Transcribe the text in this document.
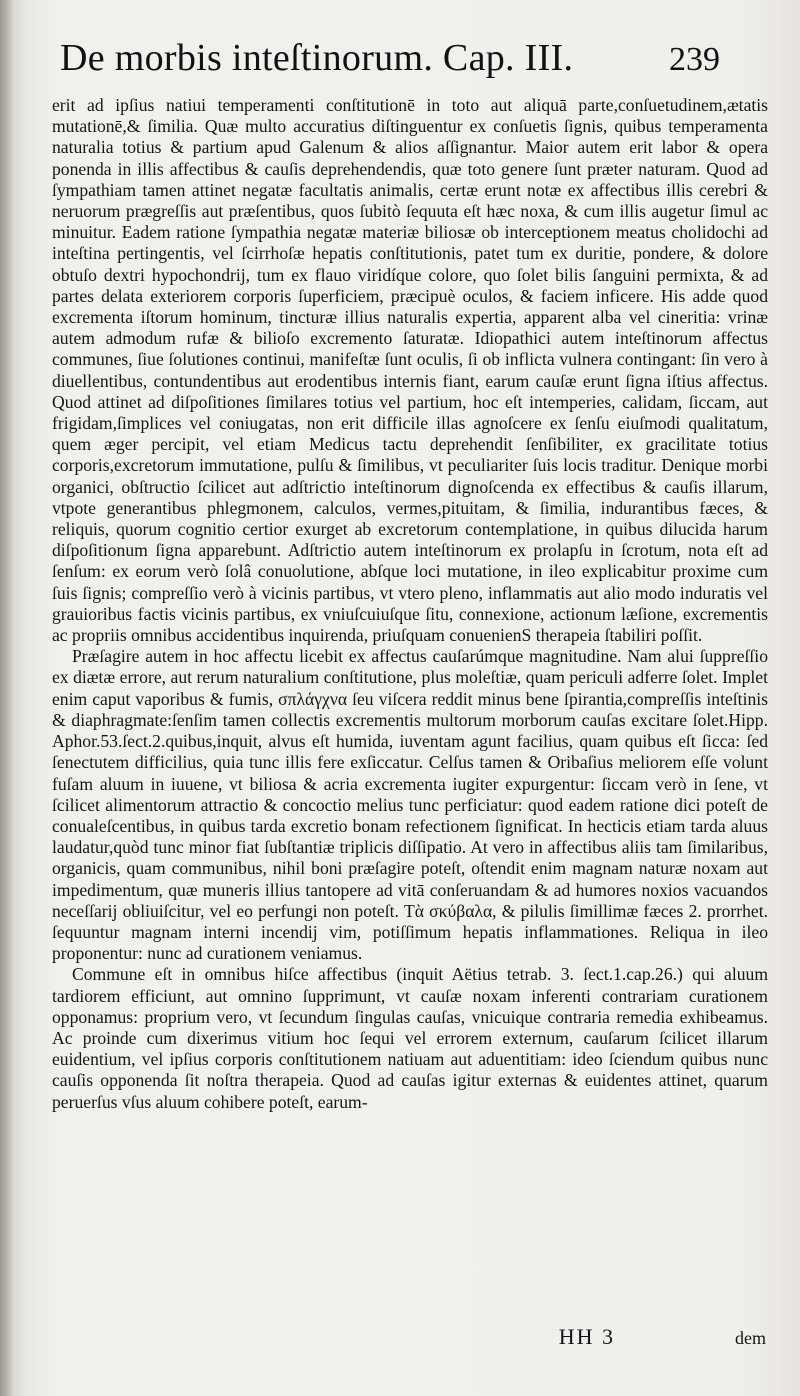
De morbis inteſtinorum. Cap. III.	239

erit ad ipſius natiui temperamenti conſtitutionē in toto aut aliquā parte,conſuetudinem,ætatis mutationē,& ſimilia. Quæ multo accuratius diſtinguentur ex conſuetis ſignis, quibus temperamenta naturalia totius & partium apud Galenum & alios aſſignantur. Maior autem erit labor & opera ponenda in illis affectibus & cauſis deprehendendis, quæ toto genere ſunt præter naturam. Quod ad ſympathiam tamen attinet negatæ facultatis animalis, certæ erunt notæ ex affectibus illis cerebri & neruorum prægreſſis aut præſentibus, quos ſubitò ſequuta eſt hæc noxa, & cum illis augetur ſimul ac minuitur. Eadem ratione ſympathia negatæ materiæ biliosæ ob interceptionem meatus cholidochi ad inteſtina pertingentis, vel ſcirrhoſæ hepatis conſtitutionis, patet tum ex duritie, pondere, & dolore obtuſo dextri hypochondrij, tum ex flauo viridíque colore, quo ſolet bilis ſanguini permixta, & ad partes delata exteriorem corporis ſuperficiem, præcipuè oculos, & faciem inficere. His adde quod excrementa iſtorum hominum, tincturæ illius naturalis expertia, apparent alba vel cineritia: vrinæ autem admodum rufæ & bilioſo excremento ſaturatæ. Idiopathici autem inteſtinorum affectus communes, ſiue ſolutiones continui, manifeſtæ ſunt oculis, ſi ob inflicta vulnera contingant: ſin vero à diuellentibus, contundentibus aut erodentibus internis fiant, earum cauſæ erunt ſigna iſtius affectus. Quod attinet ad diſpoſitiones ſimilares totius vel partium, hoc eſt intemperies, calidam, ſiccam, aut frigidam,ſimplices vel coniugatas, non erit difficile illas agnoſcere ex ſenſu eiuſmodi qualitatum, quem æger percipit, vel etiam Medicus tactu deprehendit ſenſibiliter, ex gracilitate totius corporis,excretorum immutatione, pulſu & ſimilibus, vt peculiariter ſuis locis traditur. Denique morbi organici, obſtructio ſcilicet aut adſtrictio inteſtinorum dignoſcenda ex effectibus & cauſis illarum, vtpote generantibus phlegmonem, calculos, vermes,pituitam, & ſimilia, indurantibus fæces, & reliquis, quorum cognitio certior exurget ab excretorum contemplatione, in quibus dilucida harum diſpoſitionum ſigna apparebunt. Adſtrictio autem inteſtinorum ex prolapſu in ſcrotum, nota eſt ad ſenſum: ex eorum verò ſolâ conuolutione, abſque loci mutatione, in ileo explicabitur proxime cum ſuis ſignis; compreſſio verò à vicinis partibus, vt vtero pleno, inflammatis aut alio modo induratis vel grauioribus factis vicinis partibus, ex vniuſcuiuſque ſitu, connexione, actionum læſione, excrementis ac propriis omnibus accidentibus inquirenda, priuſquam conuenienS therapeia ſtabiliri poſſit.

Præſagire autem in hoc affectu licebit ex affectus cauſarúmque magnitudine. Nam alui ſuppreſſio ex diætæ errore, aut rerum naturalium conſtitutione, plus moleſtiæ, quam periculi adferre ſolet. Implet enim caput vaporibus & fumis, σπλάγχνα ſeu viſcera reddit minus bene ſpirantia,compreſſis inteſtinis & diaphragmate:ſenſim tamen collectis excrementis multorum morborum cauſas excitare ſolet.Hipp. Aphor.53.ſect.2.quibus,inquit, alvus eſt humida, iuventam agunt facilius, quam quibus eſt ſicca: ſed ſenectutem difficilius, quia tunc illis fere exſiccatur. Celſus tamen & Oribaſius meliorem eſſe volunt fuſam aluum in iuuene, vt biliosa & acria excrementa iugiter expurgentur: ſiccam verò in ſene, vt ſcilicet alimentorum attractio & concoctio melius tunc perficiatur: quod eadem ratione dici poteſt de conualeſcentibus, in quibus tarda excretio bonam refectionem ſignificat. In hecticis etiam tarda aluus laudatur,quòd tunc minor fiat ſubſtantiæ triplicis diſſipatio. At vero in affectibus aliis tam ſimilaribus, organicis, quam communibus, nihil boni præſagire poteſt, oſtendit enim magnam naturæ noxam aut impedimentum, quæ muneris illius tantopere ad vitā conſeruandam & ad humores noxios vacuandos neceſſarij obliuiſcitur, vel eo perfungi non poteſt. Τὰ σκύβαλα, & pilulis ſimillimæ fæces 2. prorrhet. ſequuntur magnam interni incendij vim, potiſſimum hepatis inflammationes. Reliqua in ileo proponentur: nunc ad curationem veniamus.

Commune eſt in omnibus hiſce affectibus (inquit Aëtius tetrab. 3. ſect.1.cap.26.) qui aluum tardiorem efficiunt, aut omnino ſupprimunt, vt cauſæ noxam inferenti contrariam curationem opponamus: proprium vero, vt ſecundum ſingulas cauſas, vnicuique contraria remedia exhibeamus. Ac proinde cum dixerimus vitium hoc ſequi vel errorem externum, cauſarum ſcilicet illarum euidentium, vel ipſius corporis conſtitutionem natiuam aut aduentitiam: ideo ſciendum quibus nunc cauſis opponenda ſit noſtra therapeia. Quod ad cauſas igitur externas & euidentes attinet, quarum peruerſus vſus aluum cohibere poteſt, earum-

HH 3	dem
